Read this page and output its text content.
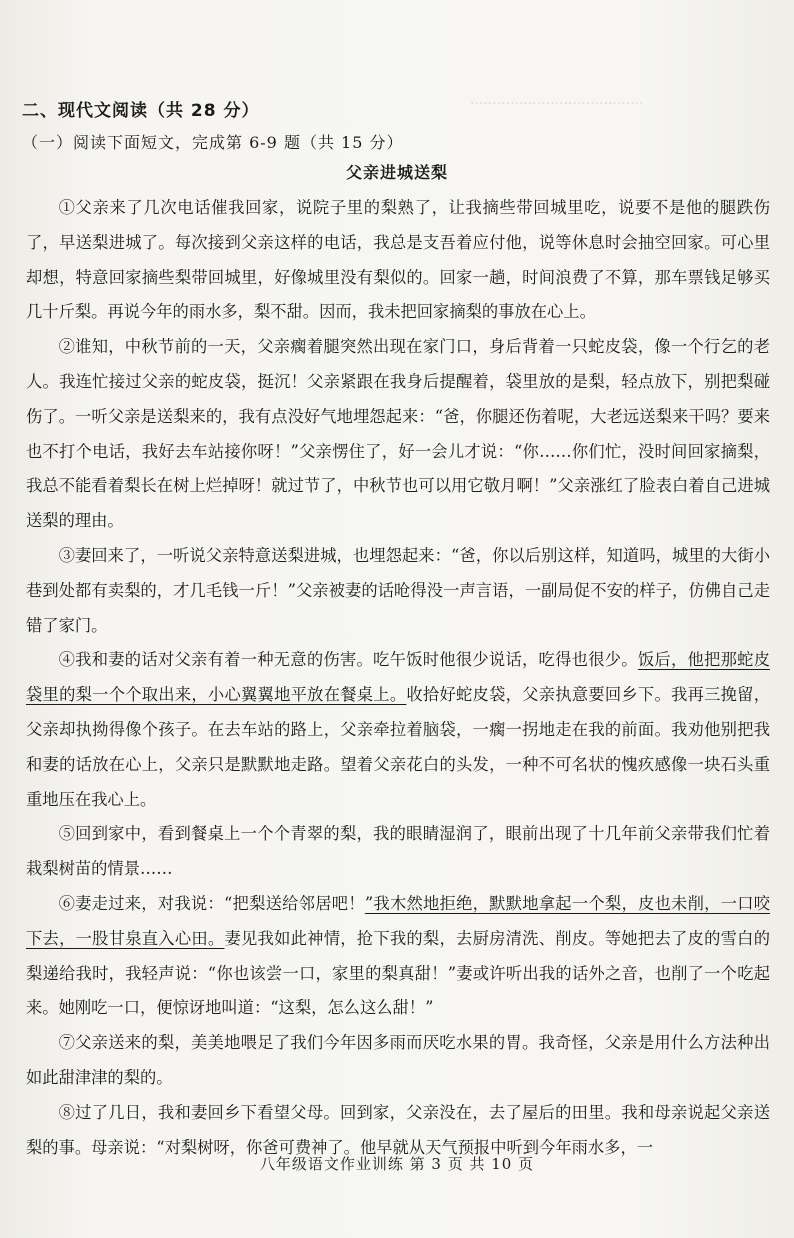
·······································
二、现代文阅读（共 28 分）
（一）阅读下面短文，完成第 6-9 题（共 15 分）
父亲进城送梨

①父亲来了几次电话催我回家，说院子里的梨熟了，让我摘些带回城里吃，说要不是他的腿跌伤了，早送梨进城了。每次接到父亲这样的电话，我总是支吾着应付他，说等休息时会抽空回家。可心里却想，特意回家摘些梨带回城里，好像城里没有梨似的。回家一趟，时间浪费了不算，那车票钱足够买几十斤梨。再说今年的雨水多，梨不甜。因而，我未把回家摘梨的事放在心上。

②谁知，中秋节前的一天，父亲瘸着腿突然出现在家门口，身后背着一只蛇皮袋，像一个行乞的老人。我连忙接过父亲的蛇皮袋，挺沉！父亲紧跟在我身后提醒着，袋里放的是梨，轻点放下，别把梨碰伤了。一听父亲是送梨来的，我有点没好气地埋怨起来：“爸，你腿还伤着呢，大老远送梨来干吗？要来也不打个电话，我好去车站接你呀！”父亲愣住了，好一会儿才说：“你……你们忙，没时间回家摘梨，我总不能看着梨长在树上烂掉呀！就过节了，中秋节也可以用它敬月啊！”父亲涨红了脸表白着自己进城送梨的理由。

③妻回来了，一听说父亲特意送梨进城，也埋怨起来：“爸，你以后别这样，知道吗，城里的大街小巷到处都有卖梨的，才几毛钱一斤！”父亲被妻的话呛得没一声言语，一副局促不安的样子，仿佛自己走错了家门。

④我和妻的话对父亲有着一种无意的伤害。吃午饭时他很少说话，吃得也很少。饭后，他把那蛇皮袋里的梨一个个取出来，小心翼翼地平放在餐桌上。收拾好蛇皮袋，父亲执意要回乡下。我再三挽留，父亲却执拗得像个孩子。在去车站的路上，父亲牵拉着脑袋，一瘸一拐地走在我的前面。我劝他别把我和妻的话放在心上，父亲只是默默地走路。望着父亲花白的头发，一种不可名状的愧疚感像一块石头重重地压在我心上。

⑤回到家中，看到餐桌上一个个青翠的梨，我的眼睛湿润了，眼前出现了十几年前父亲带我们忙着栽梨树苗的情景……

⑥妻走过来，对我说：“把梨送给邻居吧！”我木然地拒绝，默默地拿起一个梨，皮也未削，一口咬下去，一股甘泉直入心田。妻见我如此神情，抢下我的梨，去厨房清洗、削皮。等她把去了皮的雪白的梨递给我时，我轻声说：“你也该尝一口，家里的梨真甜！”妻或许听出我的话外之音，也削了一个吃起来。她刚吃一口，便惊讶地叫道：“这梨，怎么这么甜！”

⑦父亲送来的梨，美美地喂足了我们今年因多雨而厌吃水果的胃。我奇怪，父亲是用什么方法种出如此甜津津的梨的。

⑧过了几日，我和妻回乡下看望父母。回到家，父亲没在，去了屋后的田里。我和母亲说起父亲送梨的事。母亲说：“对梨树呀，你爸可费神了。他早就从天气预报中听到今年雨水多，一

八年级语文作业训练 第 3 页 共 10 页
